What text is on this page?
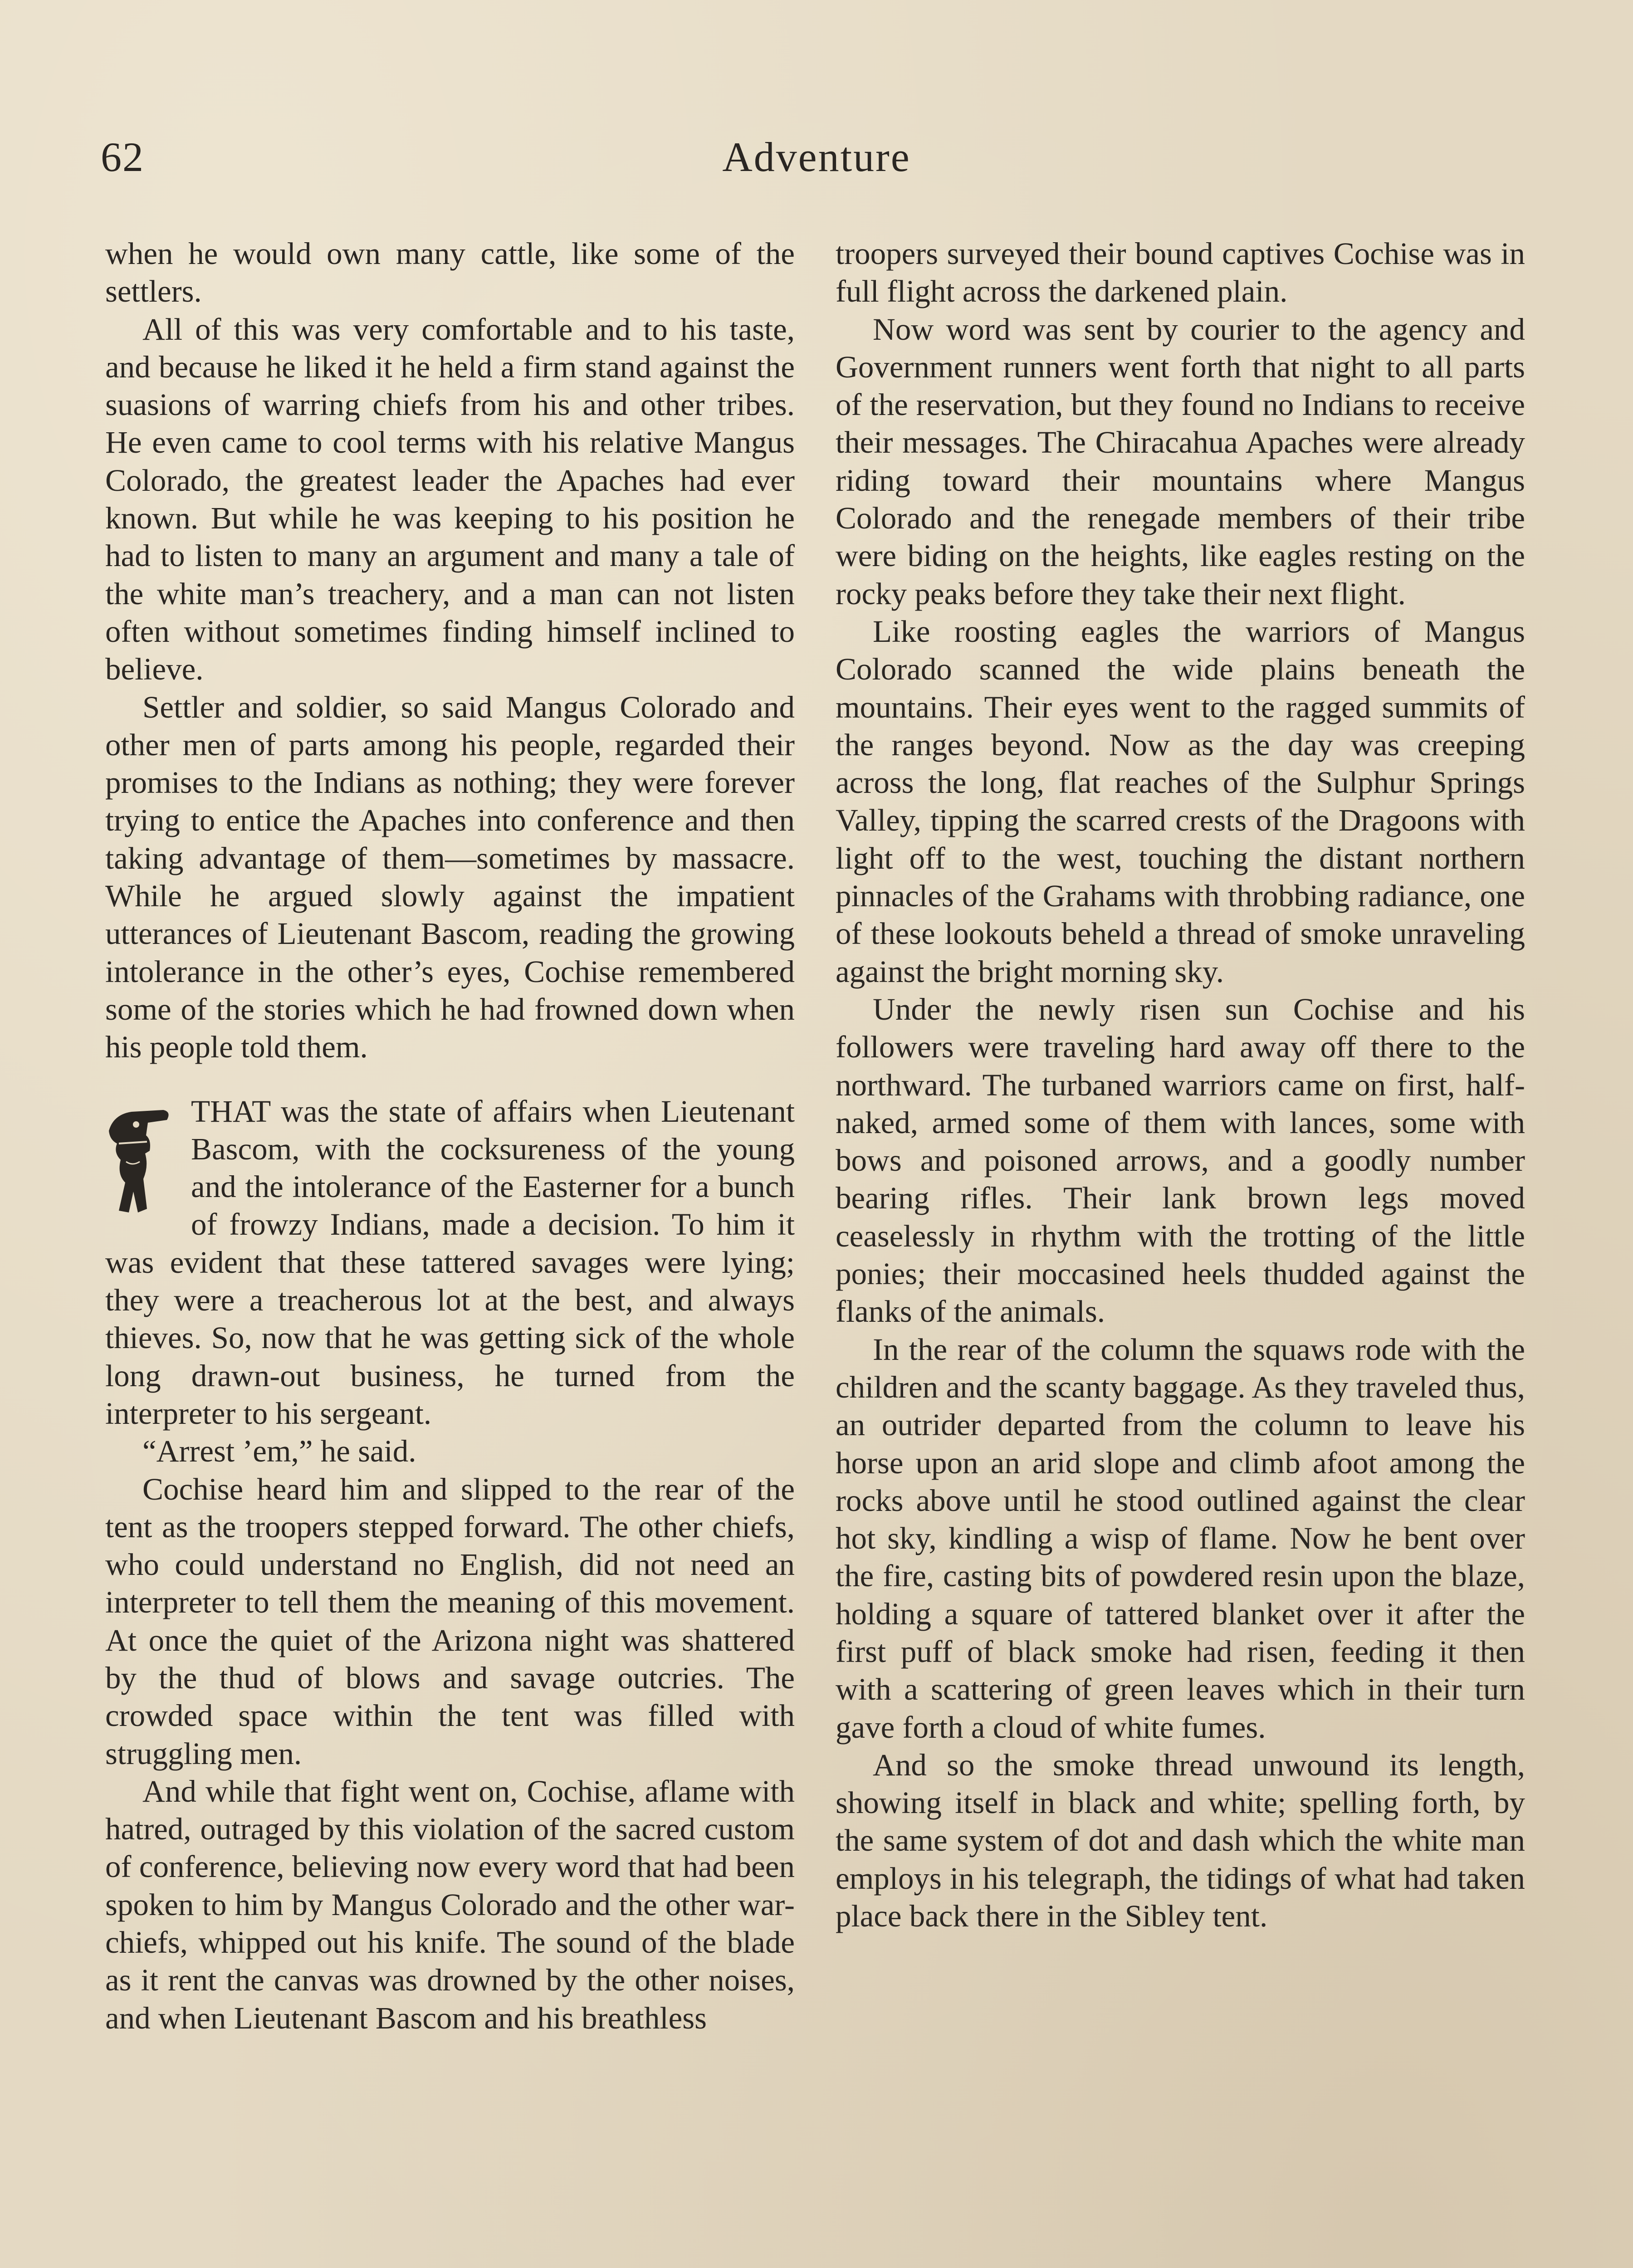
62	Adventure

when he would own many cattle, like some of the settlers.

All of this was very comfortable and to his taste, and because he liked it he held a firm stand against the suasions of warring chiefs from his and other tribes. He even came to cool terms with his relative Mangus Colorado, the greatest leader the Apaches had ever known. But while he was keeping to his position he had to listen to many an argument and many a tale of the white man’s treachery, and a man can not listen often without sometimes finding himself inclined to believe.

Settler and soldier, so said Mangus Colorado and other men of parts among his people, regarded their promises to the Indians as nothing; they were forever trying to entice the Apaches into conference and then taking advantage of them—sometimes by massacre. While he argued slowly against the impatient utterances of Lieutenant Bascom, reading the growing intolerance in the other’s eyes, Cochise remembered some of the stories which he had frowned down when his people told them.

THAT was the state of affairs when Lieutenant Bascom, with the cocksureness of the young and the intolerance of the Easterner for a bunch of frowzy Indians, made a decision. To him it was evident that these tattered savages were lying; they were a treacherous lot at the best, and always thieves. So, now that he was getting sick of the whole long drawn-out business, he turned from the interpreter to his sergeant.

“Arrest ’em,” he said.

Cochise heard him and slipped to the rear of the tent as the troopers stepped forward. The other chiefs, who could understand no English, did not need an interpreter to tell them the meaning of this movement. At once the quiet of the Arizona night was shattered by the thud of blows and savage outcries. The crowded space within the tent was filled with struggling men.

And while that fight went on, Cochise, aflame with hatred, outraged by this violation of the sacred custom of conference, believing now every word that had been spoken to him by Mangus Colorado and the other war-chiefs, whipped out his knife. The sound of the blade as it rent the canvas was drowned by the other noises, and when Lieutenant Bascom and his breathless

troopers surveyed their bound captives Cochise was in full flight across the darkened plain.

Now word was sent by courier to the agency and Government runners went forth that night to all parts of the reservation, but they found no Indians to receive their messages. The Chiracahua Apaches were already riding toward their mountains where Mangus Colorado and the renegade members of their tribe were biding on the heights, like eagles resting on the rocky peaks before they take their next flight.

Like roosting eagles the warriors of Mangus Colorado scanned the wide plains beneath the mountains. Their eyes went to the ragged summits of the ranges beyond. Now as the day was creeping across the long, flat reaches of the Sulphur Springs Valley, tipping the scarred crests of the Dragoons with light off to the west, touching the distant northern pinnacles of the Grahams with throbbing radiance, one of these lookouts beheld a thread of smoke unraveling against the bright morning sky.

Under the newly risen sun Cochise and his followers were traveling hard away off there to the northward. The turbaned warriors came on first, half-naked, armed some of them with lances, some with bows and poisoned arrows, and a goodly number bearing rifles. Their lank brown legs moved ceaselessly in rhythm with the trotting of the little ponies; their moccasined heels thudded against the flanks of the animals.

In the rear of the column the squaws rode with the children and the scanty baggage. As they traveled thus, an outrider departed from the column to leave his horse upon an arid slope and climb afoot among the rocks above until he stood outlined against the clear hot sky, kindling a wisp of flame. Now he bent over the fire, casting bits of powdered resin upon the blaze, holding a square of tattered blanket over it after the first puff of black smoke had risen, feeding it then with a scattering of green leaves which in their turn gave forth a cloud of white fumes.

And so the smoke thread unwound its length, showing itself in black and white; spelling forth, by the same system of dot and dash which the white man employs in his telegraph, the tidings of what had taken place back there in the Sibley tent.
